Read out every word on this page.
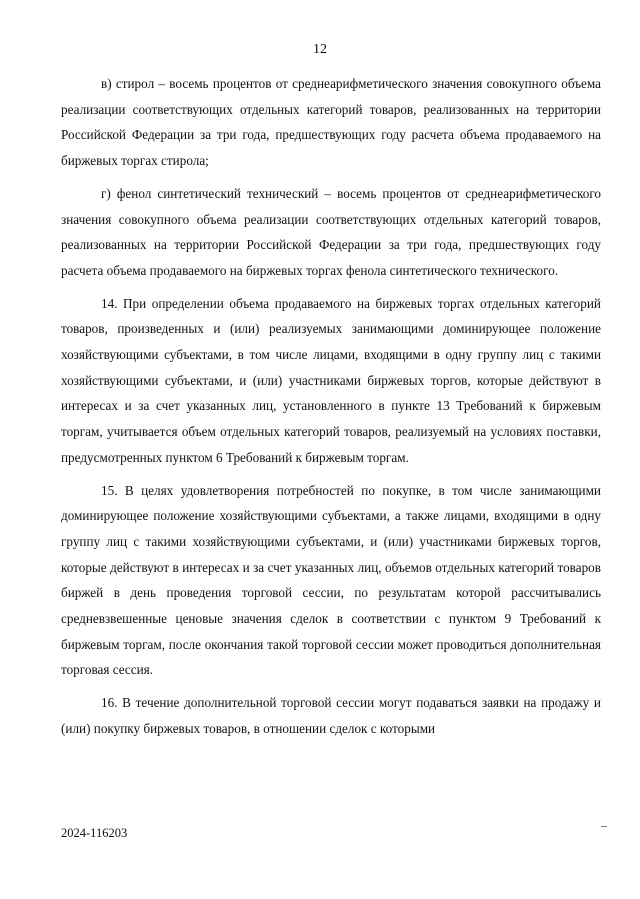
12

в) стирол – восемь процентов от среднеарифметического значения совокупного объема реализации соответствующих отдельных категорий товаров, реализованных на территории Российской Федерации за три года, предшествующих году расчета объема продаваемого на биржевых торгах стирола;

г) фенол синтетический технический – восемь процентов от среднеарифметического значения совокупного объема реализации соответствующих отдельных категорий товаров, реализованных на территории Российской Федерации за три года, предшествующих году расчета объема продаваемого на биржевых торгах фенола синтетического технического.

14. При определении объема продаваемого на биржевых торгах отдельных категорий товаров, произведенных и (или) реализуемых занимающими доминирующее положение хозяйствующими субъектами, в том числе лицами, входящими в одну группу лиц с такими хозяйствующими субъектами, и (или) участниками биржевых торгов, которые действуют в интересах и за счет указанных лиц, установленного в пункте 13 Требований к биржевым торгам, учитывается объем отдельных категорий товаров, реализуемый на условиях поставки, предусмотренных пунктом 6 Требований к биржевым торгам.

15. В целях удовлетворения потребностей по покупке, в том числе занимающими доминирующее положение хозяйствующими субъектами, а также лицами, входящими в одну группу лиц с такими хозяйствующими субъектами, и (или) участниками биржевых торгов, которые действуют в интересах и за счет указанных лиц, объемов отдельных категорий товаров биржей в день проведения торговой сессии, по результатам которой рассчитывались средневзвешенные ценовые значения сделок в соответствии с пунктом 9 Требований к биржевым торгам, после окончания такой торговой сессии может проводиться дополнительная торговая сессия.

16. В течение дополнительной торговой сессии могут подаваться заявки на продажу и (или) покупку биржевых товаров, в отношении сделок с которыми

2024-116203
